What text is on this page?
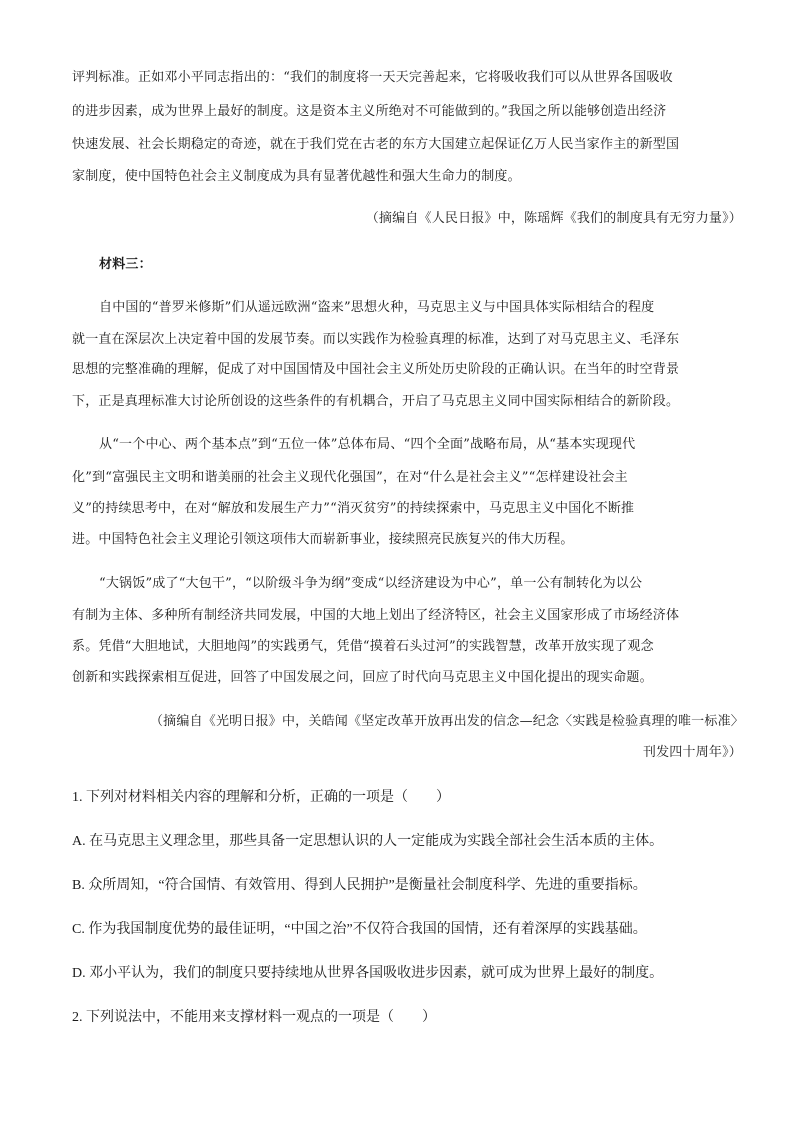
评判标准。正如邓小平同志指出的：“我们的制度将一天天完善起来，它将吸收我们可以从世界各国吸收
的进步因素，成为世界上最好的制度。这是资本主义所绝对不可能做到的。”我国之所以能够创造出经济
快速发展、社会长期稳定的奇迹，就在于我们党在古老的东方大国建立起保证亿万人民当家作主的新型国
家制度，使中国特色社会主义制度成为具有显著优越性和强大生命力的制度。
（摘编自《人民日报》中，陈瑶辉《我们的制度具有无穷力量》）
材料三：
自中国的“普罗米修斯”们从遥远欧洲“盗来”思想火种，马克思主义与中国具体实际相结合的程度
就一直在深层次上决定着中国的发展节奏。而以实践作为检验真理的标准，达到了对马克思主义、毛泽东
思想的完整准确的理解，促成了对中国国情及中国社会主义所处历史阶段的正确认识。在当年的时空背景
下，正是真理标准大讨论所创设的这些条件的有机耦合，开启了马克思主义同中国实际相结合的新阶段。
从“一个中心、两个基本点”到“五位一体”总体布局、“四个全面”战略布局，从“基本实现现代
化”到“富强民主文明和谐美丽的社会主义现代化强国”，在对“什么是社会主义”“怎样建设社会主
义”的持续思考中，在对“解放和发展生产力”“消灭贫穷”的持续探索中，马克思主义中国化不断推
进。中国特色社会主义理论引领这项伟大而崭新事业，接续照亮民族复兴的伟大历程。
“大锅饭”成了“大包干”，“以阶级斗争为纲”变成“以经济建设为中心”，单一公有制转化为以公
有制为主体、多种所有制经济共同发展，中国的大地上划出了经济特区，社会主义国家形成了市场经济体
系。凭借“大胆地试，大胆地闯”的实践勇气，凭借“摸着石头过河”的实践智慧，改革开放实现了观念
创新和实践探索相互促进，回答了中国发展之问，回应了时代向马克思主义中国化提出的现实命题。
（摘编自《光明日报》中，关皓闻《坚定改革开放再出发的信念—纪念〈实践是检验真理的唯一标准〉
刊发四十周年》）
1. 下列对材料相关内容的理解和分析，正确的一项是（　　）
A. 在马克思主义理念里，那些具备一定思想认识的人一定能成为实践全部社会生活本质的主体。
B. 众所周知，“符合国情、有效管用、得到人民拥护”是衡量社会制度科学、先进的重要指标。
C. 作为我国制度优势的最佳证明，“中国之治”不仅符合我国的国情，还有着深厚的实践基础。
D. 邓小平认为，我们的制度只要持续地从世界各国吸收进步因素，就可成为世界上最好的制度。
2. 下列说法中，不能用来支撑材料一观点的一项是（　　）
